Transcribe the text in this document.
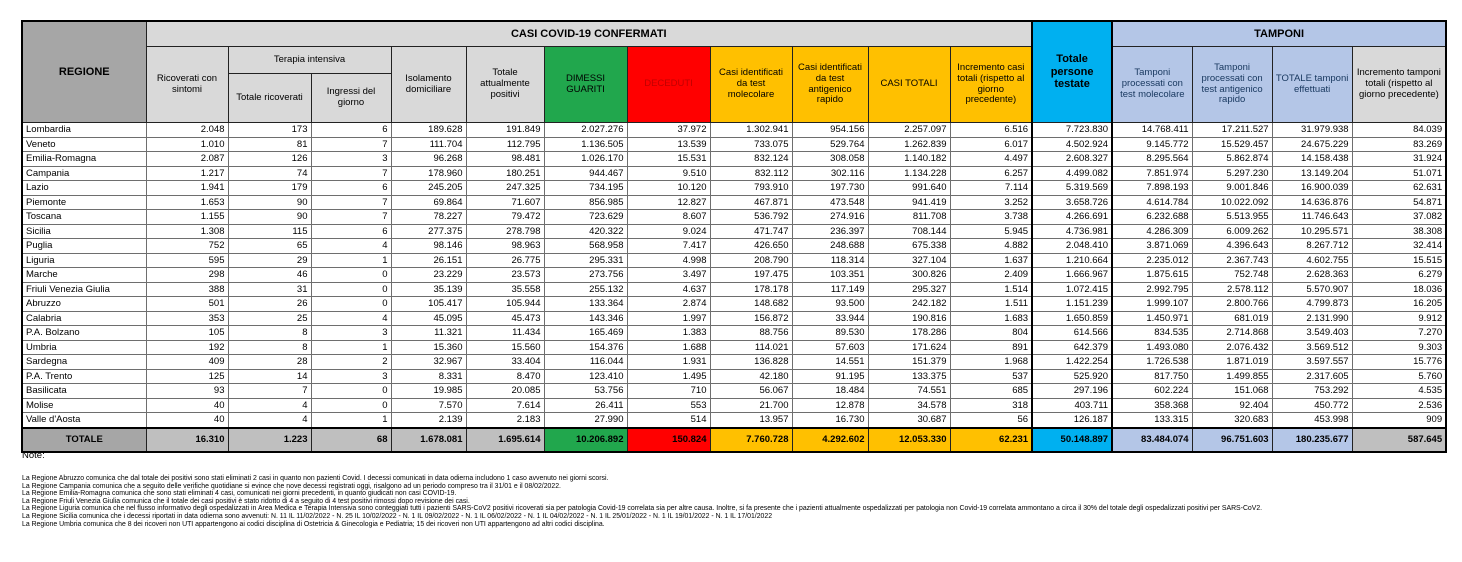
REGIONE	CASI COVID-19 CONFERMATI											Totale persone testate	TAMPONI			
	Ricoverati con sintomi	Terapia intensiva		Isolamento domiciliare	Totale attualmente positivi	DIMESSI GUARITI	DECEDUTI	Casi identificati da test molecolare	Casi identificati da test antigenico rapido	CASI TOTALI	Incremento casi totali (rispetto al giorno precedente)		Tamponi processati con test molecolare	Tamponi processati con test antigenico rapido	TOTALE tamponi effettuati	Incremento tamponi totali (rispetto al giorno precedente)
		Totale ricoverati	Ingressi del giorno													
Lombardia	2.048	173	6	189.628	191.849	2.027.276	37.972	1.302.941	954.156	2.257.097	6.516	7.723.830	14.768.411	17.211.527	31.979.938	84.039
Veneto	1.010	81	7	111.704	112.795	1.136.505	13.539	733.075	529.764	1.262.839	6.017	4.502.924	9.145.772	15.529.457	24.675.229	83.269
Emilia-Romagna	2.087	126	3	96.268	98.481	1.026.170	15.531	832.124	308.058	1.140.182	4.497	2.608.327	8.295.564	5.862.874	14.158.438	31.924
Campania	1.217	74	7	178.960	180.251	944.467	9.510	832.112	302.116	1.134.228	6.257	4.499.082	7.851.974	5.297.230	13.149.204	51.071
Lazio	1.941	179	6	245.205	247.325	734.195	10.120	793.910	197.730	991.640	7.114	5.319.569	7.898.193	9.001.846	16.900.039	62.631
Piemonte	1.653	90	7	69.864	71.607	856.985	12.827	467.871	473.548	941.419	3.252	3.658.726	4.614.784	10.022.092	14.636.876	54.871
Toscana	1.155	90	7	78.227	79.472	723.629	8.607	536.792	274.916	811.708	3.738	4.266.691	6.232.688	5.513.955	11.746.643	37.082
Sicilia	1.308	115	6	277.375	278.798	420.322	9.024	471.747	236.397	708.144	5.945	4.736.981	4.286.309	6.009.262	10.295.571	38.308
Puglia	752	65	4	98.146	98.963	568.958	7.417	426.650	248.688	675.338	4.882	2.048.410	3.871.069	4.396.643	8.267.712	32.414
Liguria	595	29	1	26.151	26.775	295.331	4.998	208.790	118.314	327.104	1.637	1.210.664	2.235.012	2.367.743	4.602.755	15.515
Marche	298	46	0	23.229	23.573	273.756	3.497	197.475	103.351	300.826	2.409	1.666.967	1.875.615	752.748	2.628.363	6.279
Friuli Venezia Giulia	388	31	0	35.139	35.558	255.132	4.637	178.178	117.149	295.327	1.514	1.072.415	2.992.795	2.578.112	5.570.907	18.036
Abruzzo	501	26	0	105.417	105.944	133.364	2.874	148.682	93.500	242.182	1.511	1.151.239	1.999.107	2.800.766	4.799.873	16.205
Calabria	353	25	4	45.095	45.473	143.346	1.997	156.872	33.944	190.816	1.683	1.650.859	1.450.971	681.019	2.131.990	9.912
P.A. Bolzano	105	8	3	11.321	11.434	165.469	1.383	88.756	89.530	178.286	804	614.566	834.535	2.714.868	3.549.403	7.270
Umbria	192	8	1	15.360	15.560	154.376	1.688	114.021	57.603	171.624	891	642.379	1.493.080	2.076.432	3.569.512	9.303
Sardegna	409	28	2	32.967	33.404	116.044	1.931	136.828	14.551	151.379	1.968	1.422.254	1.726.538	1.871.019	3.597.557	15.776
P.A. Trento	125	14	3	8.331	8.470	123.410	1.495	42.180	91.195	133.375	537	525.920	817.750	1.499.855	2.317.605	5.760
Basilicata	93	7	0	19.985	20.085	53.756	710	56.067	18.484	74.551	685	297.196	602.224	151.068	753.292	4.535
Molise	40	4	0	7.570	7.614	26.411	553	21.700	12.878	34.578	318	403.711	358.368	92.404	450.772	2.536
Valle d'Aosta	40	4	1	2.139	2.183	27.990	514	13.957	16.730	30.687	56	126.187	133.315	320.683	453.998	909
TOTALE	16.310	1.223	68	1.678.081	1.695.614	10.206.892	150.824	7.760.728	4.292.602	12.053.330	62.231	50.148.897	83.484.074	96.751.603	180.235.677	587.645

Note:

La Regione Abruzzo comunica che dal totale dei positivi sono stati eliminati 2 casi in quanto non pazienti Covid. I decessi comunicati in data odierna includono 1 caso avvenuto nei giorni scorsi.

La Regione Campania comunica che a seguito delle verifiche quotidiane si evince che nove decessi registrati oggi, risalgono ad un periodo compreso tra il 31/01 e il 08/02/2022.

La Regione Emilia-Romagna comunica che sono stati eliminati 4 casi, comunicati nei giorni precedenti, in quanto giudicati non casi COVID-19.

La Regione Friuli Venezia Giulia comunica che il totale dei casi positivi è stato ridotto di 4 a seguito di 4 test positivi rimossi dopo revisione dei casi.

La Regione Liguria comunica che nel flusso informativo degli ospedalizzati in Area Medica e Terapia Intensiva sono conteggiati tutti i pazienti SARS-CoV2 positivi ricoverati sia per patologia Covid-19 correlata sia per altre causa. Inoltre, si fa presente che i pazienti attualmente ospedalizzati per patologia non Covid-19 correlata ammontano a circa il 30% del totale degli ospedalizzati positivi per SARS-CoV2.

La Regione Sicilia comunica che i decessi riportati in data odierna sono avvenuti: N. 11 IL 11/02/2022 - N. 25 IL 10/02/2022 - N. 1 IL 09/02/2022 - N. 1 IL 06/02/2022 - N. 1 IL 04/02/2022 - N. 1 IL 25/01/2022 - N. 1 IL 19/01/2022 - N. 1 IL 17/01/2022

La Regione Umbria comunica che 8 dei ricoveri non UTI appartengono ai codici disciplina di Ostetricia & Ginecologia e Pediatria; 15 dei ricoveri non UTI appartengono ad altri codici disciplina.
